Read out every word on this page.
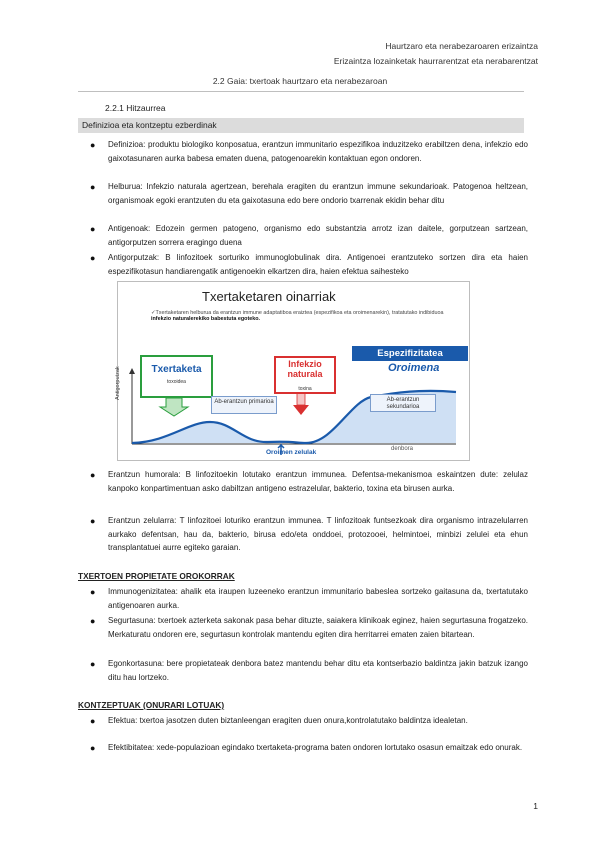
Haurtzaro eta nerabezaroaren erizaintza
Erizaintza lozainketak haurrarentzat eta nerabarentzat
2.2 Gaia: txertoak haurtzaro eta nerabezaroan
2.2.1 Hitzaurrea
Definizioa eta kontzeptu ezberdinak
●	Definizioa: produktu biologiko konposatua, erantzun immunitario espezifikoa induzitzeko erabiltzen dena, infekzio edo gaixotasunaren aurka babesa ematen duena, patogenoarekin kontaktuan egon ondoren.
●	Helburua: Infekzio naturala agertzean, berehala eragiten du erantzun immune sekundarioak. Patogenoa heltzean, organismoak egoki erantzuten du eta gaixotasuna edo bere ondorio txarrenak ekidin behar ditu
●	Antigenoak: Edozein germen patogeno, organismo edo substantzia arrotz izan daitele, gorputzean sartzean, antigorputzen sorrera eragingo duena
●	Antigorputzak: B linfozitoek sorturiko immunoglobulinak dira. Antigenoei erantzuteko sortzen dira eta haien espezifikotasun handiarengatik antigenoekin elkartzen dira, haien efektua saihesteko
Txertaketaren oinarriak
✓Txertaketaren helburua da erantzun immune adaptatiboa eraiztea (espezifikoa eta oroimenarekin), tratatutako indibiduoa infekzio naturalerekiko babestuta egoteko.
Espezifizitatea
Oroimena
Txertaketa
toxoidea
Infekzio naturala
toxina
Ab-erantzun primarioa	Ab-erantzun sekundarioa
Antigorputzak
denbora
Oroimen zelulak
●	Erantzun humorala: B linfozitoekin lotutako erantzun immunea. Defentsa-mekanismoa eskaintzen dute: zelulaz kanpoko konpartimentuan asko dabiltzan antigeno estrazelular, bakterio, toxina eta birusen aurka.
●	Erantzun zelularra: T linfozitoei loturiko erantzun immunea. T linfozitoak funtsezkoak dira organismo intrazelularren aurkako defentsan, hau da, bakterio, birusa edo/eta onddoei, protozooei, helmintoei, minbizi zelulei eta ehun transplantatuei aurre egiteko garaian.
TXERTOEN PROPIETATE OROKORRAK
●	Immunogenizitatea: ahalik eta iraupen luzeeneko erantzun immunitario babeslea sortzeko gaitasuna da, txertatutako antigenoaren aurka.
●	Segurtasuna: txertoek azterketa sakonak pasa behar dituzte, saiakera klinikoak eginez, haien segurtasuna frogatzeko. Merkaturatu ondoren ere, segurtasun kontrolak mantendu egiten dira herritarrei ematen zaien bitartean.
●	Egonkortasuna: bere propietateak denbora batez mantendu behar ditu eta kontserbazio baldintza jakin batzuk izango ditu hau lortzeko.
KONTZEPTUAK (ONURARI LOTUAK)
●	Efektua: txertoa jasotzen duten biztanleengan eragiten duen onura,kontrolatutako baldintza idealetan.
●	Efektibitatea: xede-populazioan egindako txertaketa-programa baten ondoren lortutako osasun emaitzak edo onurak.
1
